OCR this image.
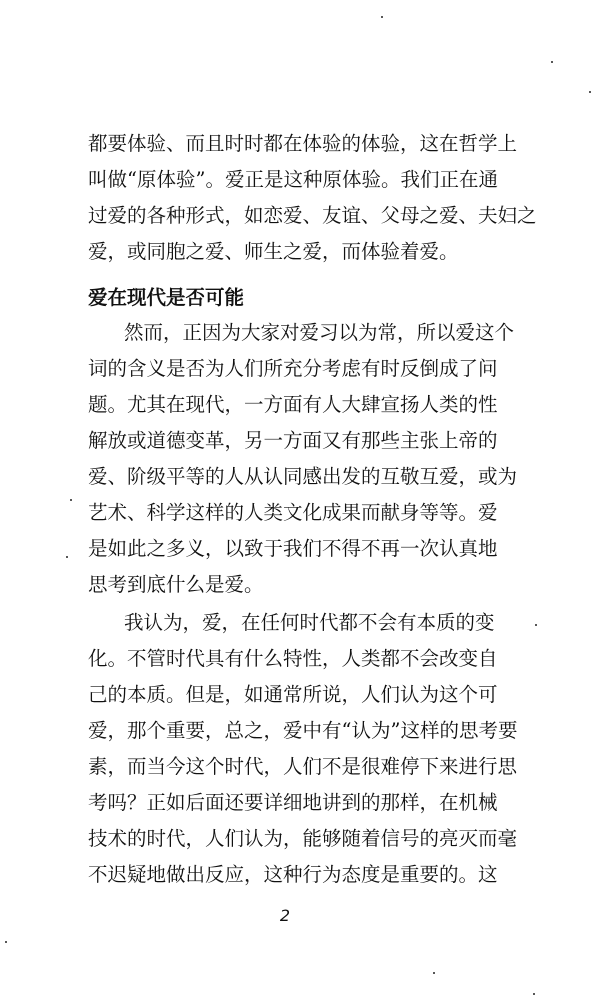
都要体验、而且时时都在体验的体验，这在哲学上
叫做“原体验”。爱正是这种原体验。我们正在通
过爱的各种形式，如恋爱、友谊、父母之爱、夫妇之
爱，或同胞之爱、师生之爱，而体验着爱。
爱在现代是否可能
然而，正因为大家对爱习以为常，所以爱这个
词的含义是否为人们所充分考虑有时反倒成了问
题。尤其在现代，一方面有人大肆宣扬人类的性
解放或道德变革，另一方面又有那些主张上帝的
爱、阶级平等的人从认同感出发的互敬互爱，或为
艺术、科学这样的人类文化成果而献身等等。爱
是如此之多义，以致于我们不得不再一次认真地
思考到底什么是爱。
我认为，爱，在任何时代都不会有本质的变
化。不管时代具有什么特性，人类都不会改变自
己的本质。但是，如通常所说，人们认为这个可
爱，那个重要，总之，爱中有“认为”这样的思考要
素，而当今这个时代，人们不是很难停下来进行思
考吗？正如后面还要详细地讲到的那样，在机械
技术的时代，人们认为，能够随着信号的亮灭而毫
不迟疑地做出反应，这种行为态度是重要的。这
2
